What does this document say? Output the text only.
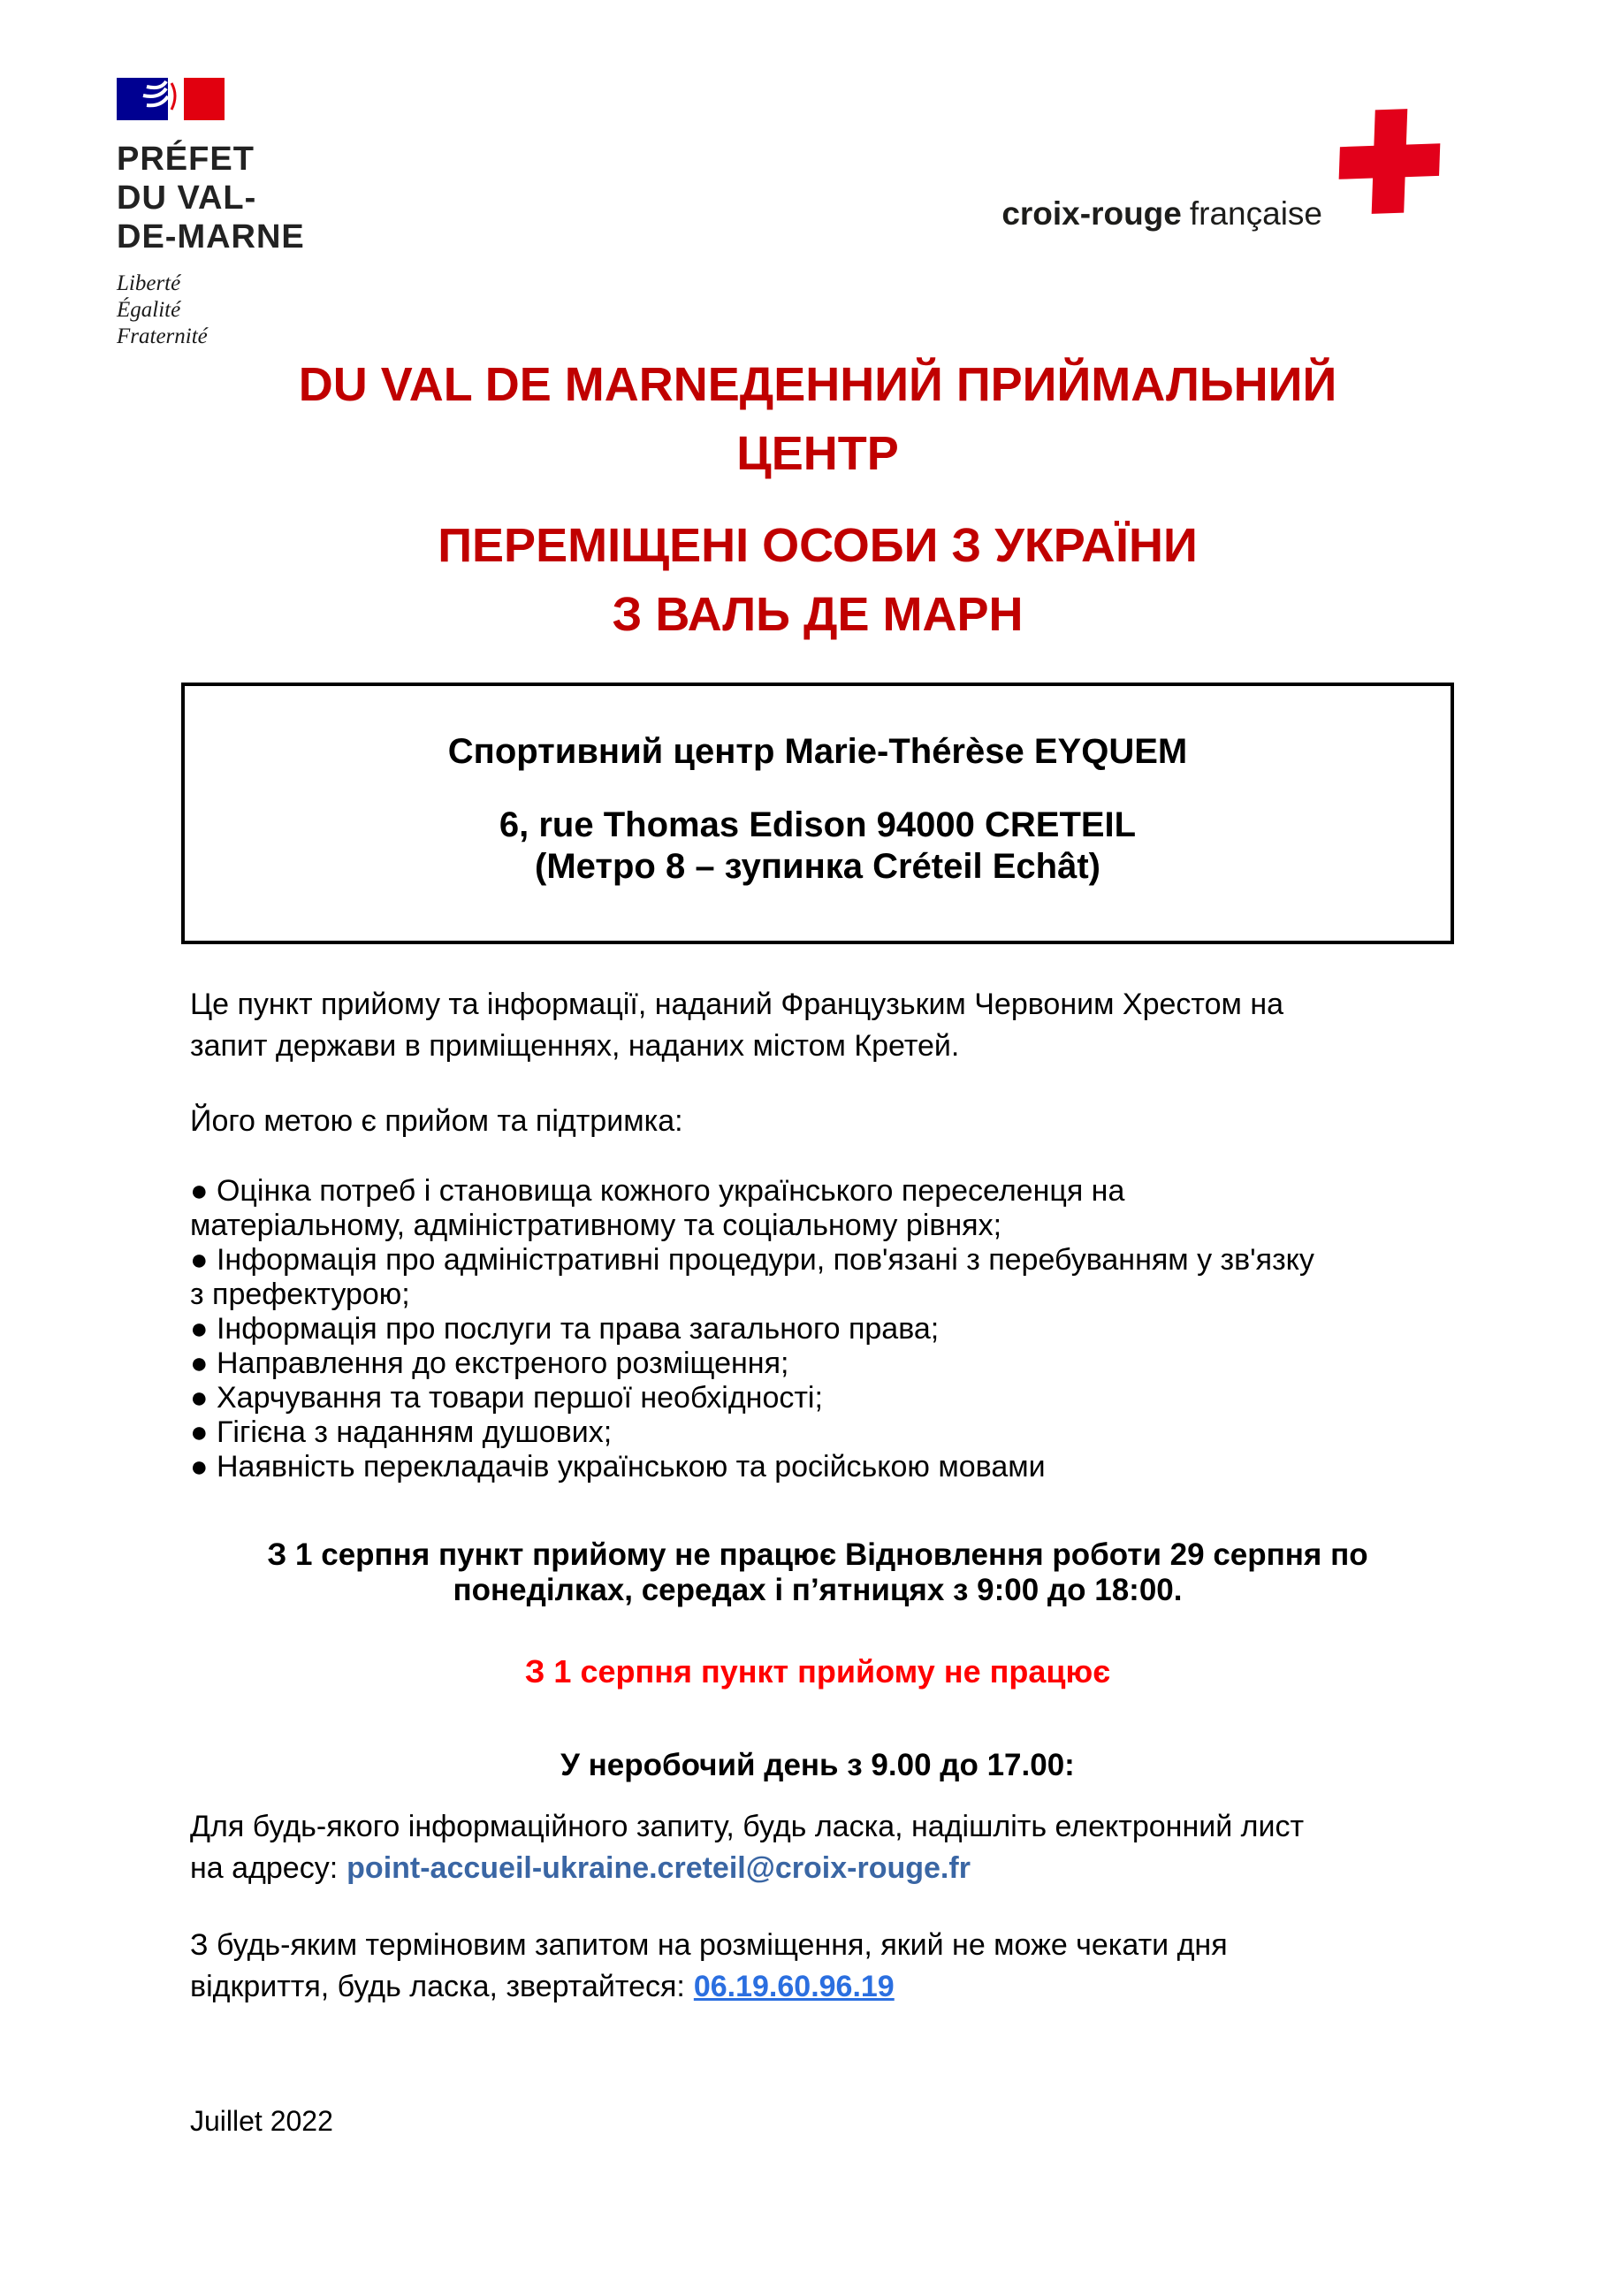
PRÉFET
DU VAL-
DE-MARNE
Liberté
Égalité
Fraternité
croix-rouge française
DU VAL DE MARNЕДЕННИЙ ПРИЙМАЛЬНИЙ
ЦЕНТР
ПЕРЕМІЩЕНІ ОСОБИ З УКРАЇНИ
З ВАЛЬ ДЕ МАРН
Спортивний центр Marie-Thérèse EYQUEM
6, rue Thomas Edison 94000 CRETEIL
(Метро 8 – зупинка Créteil Echât)
Це пункт прийому та інформації, наданий Французьким Червоним Хрестом на
запит держави в приміщеннях, наданих містом Кретей.
Його метою є прийом та підтримка:
● Оцінка потреб і становища кожного українського переселенця на
матеріальному, адміністративному та соціальному рівнях;
● Інформація про адміністративні процедури, пов'язані з перебуванням у зв'язку
з префектурою;
● Інформація про послуги та права загального права;
● Направлення до екстреного розміщення;
● Харчування та товари першої необхідності;
● Гігієна з наданням душових;
● Наявність перекладачів українською та російською мовами
З 1 серпня пункт прийому не працює Відновлення роботи 29 серпня по
понеділках, середах і п’ятницях з 9:00 до 18:00.
З 1 серпня пункт прийому не працює
У неробочий день з 9.00 до 17.00:
Для будь-якого інформаційного запиту, будь ласка, надішліть електронний лист
на адресу: point-accueil-ukraine.creteil@croix-rouge.fr
З будь-яким терміновим запитом на розміщення, який не може чекати дня
відкриття, будь ласка, звертайтеся: 06.19.60.96.19
Juillet 2022
